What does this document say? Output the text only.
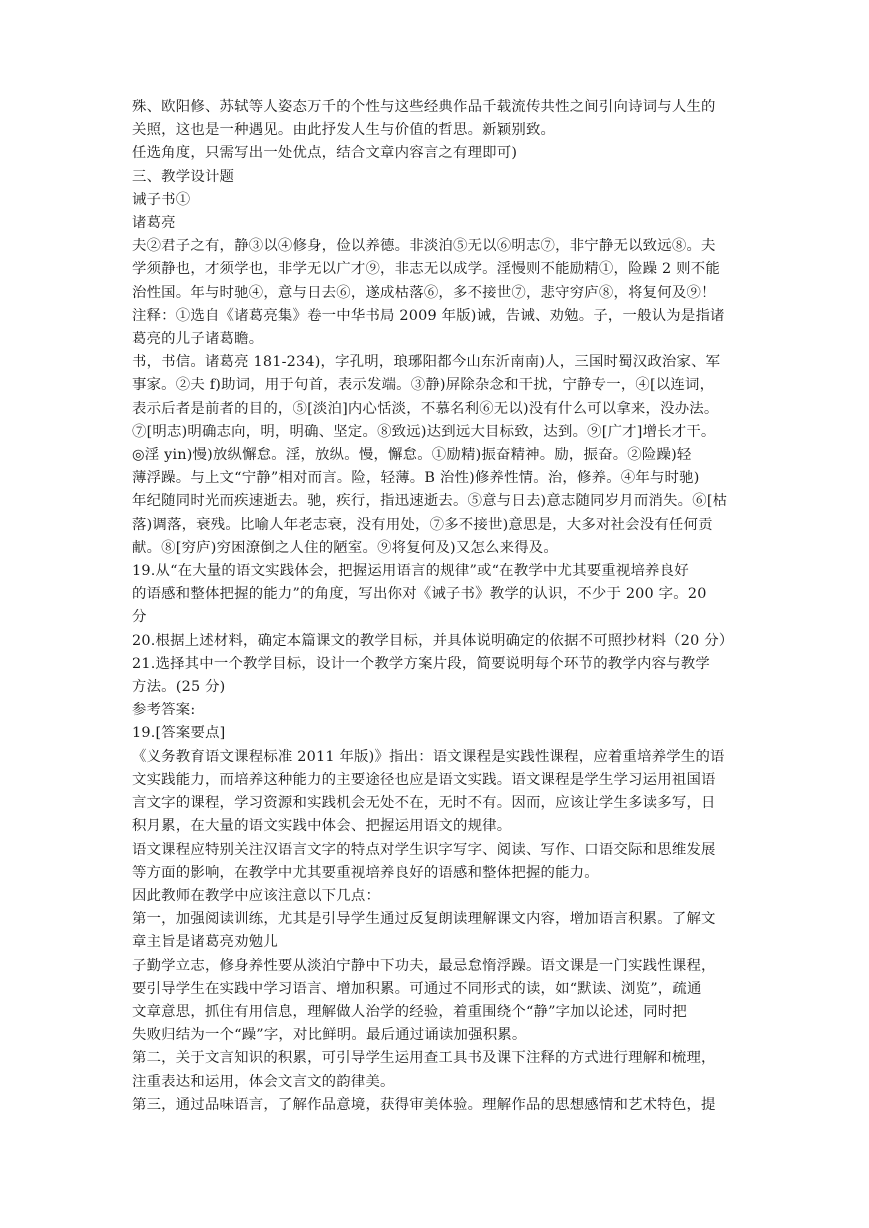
殊、欧阳修、苏轼等人姿态万千的个性与这些经典作品千载流传共性之间引向诗词与人生的
关照，这也是一种遇见。由此抒发人生与价值的哲思。新颖别致。
任选角度，只需写出一处优点，结合文章内容言之有理即可)
三、教学设计题
诫子书①
诸葛亮
夫②君子之有，静③以④修身，俭以养德。非淡泊⑤无以⑥明志⑦，非宁静无以致远⑧。夫
学须静也，才须学也，非学无以广才⑨，非志无以成学。淫慢则不能励精①，险躁 2 则不能
治性国。年与时驰④，意与日去⑥，遂成枯落⑥，多不接世⑦，悲守穷庐⑧，将复何及⑨！
注释：①选自《诸葛亮集》卷一中华书局 2009 年版)诫，告诫、劝勉。子，一般认为是指诸
葛亮的儿子诸葛瞻。
书，书信。诸葛亮 181-234)，字孔明，琅琊阳都今山东沂南南)人，三国时蜀汉政治家、军
事家。②夫 f)助词，用于句首，表示发端。③静)屏除杂念和干扰，宁静专一，④[以连词，
表示后者是前者的目的，⑤[淡泊]内心恬淡，不慕名利⑥无以)没有什么可以拿来，没办法。
⑦[明志)明确志向，明，明确、坚定。⑧致远)达到远大目标致，达到。⑨[广才]增长才干。
◎淫 yin)慢)放纵懈怠。淫，放纵。慢，懈怠。①励精)振奋精神。励，振奋。②险躁)轻
薄浮躁。与上文“宁静”相对而言。险，轻薄。B 治性)修养性情。治，修养。④年与时驰)
年纪随同时光而疾速逝去。驰，疾行，指迅速逝去。⑤意与日去)意志随同岁月而消失。⑥[枯
落)调落，衰残。比喻人年老志衰，没有用处，⑦多不接世)意思是，大多对社会没有任何贡
献。⑧[穷庐)穷困潦倒之人住的陋室。⑨将复何及)又怎么来得及。
19.从“在大量的语文实践体会，把握运用语言的规律”或“在教学中尤其要重视培养良好
的语感和整体把握的能力”的角度，写出你对《诫子书》教学的认识，不少于 200 字。20
分
20.根据上述材料，确定本篇课文的教学目标，并具体说明确定的依据不可照抄材料（20 分）
21.选择其中一个教学目标，设计一个教学方案片段，简要说明每个环节的教学内容与教学
方法。(25 分)
参考答案:
19.[答案要点]
《义务教育语文课程标准 2011 年版)》指出：语文课程是实践性课程，应着重培养学生的语
文实践能力，而培养这种能力的主要途径也应是语文实践。语文课程是学生学习运用祖国语
言文字的课程，学习资源和实践机会无处不在，无时不有。因而，应该让学生多读多写，日
积月累，在大量的语文实践中体会、把握运用语文的规律。
语文课程应特别关注汉语言文字的特点对学生识字写字、阅读、写作、口语交际和思维发展
等方面的影响，在教学中尤其要重视培养良好的语感和整体把握的能力。
因此教师在教学中应该注意以下几点：
第一，加强阅读训练，尤其是引导学生通过反复朗读理解课文内容，增加语言积累。了解文
章主旨是诸葛亮劝勉儿
子勤学立志，修身养性要从淡泊宁静中下功夫，最忌怠惰浮躁。语文课是一门实践性课程，
要引导学生在实践中学习语言、增加积累。可通过不同形式的读，如“默读、浏览”，疏通
文章意思，抓住有用信息，理解做人治学的经验，着重围绕个“静”字加以论述，同时把
失败归结为一个“躁”字，对比鲜明。最后通过诵读加强积累。
第二，关于文言知识的积累，可引导学生运用查工具书及课下注释的方式进行理解和梳理，
注重表达和运用，体会文言文的韵律美。
第三，通过品味语言，了解作品意境，获得审美体验。理解作品的思想感情和艺术特色，提
